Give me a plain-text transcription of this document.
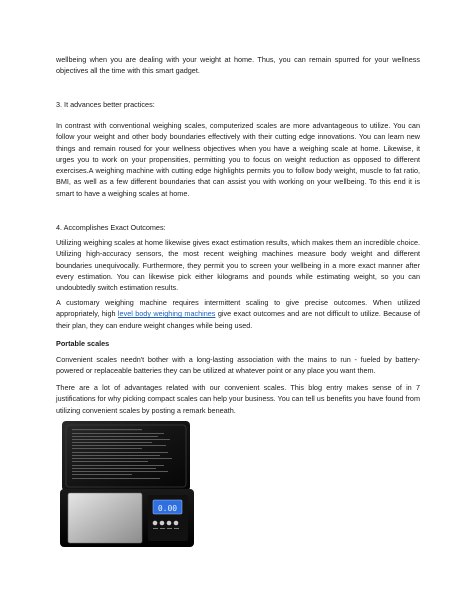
wellbeing when you are dealing with your weight at home. Thus, you can remain spurred for your wellness objectives all the time with this smart gadget.

3. It advances better practices:

In contrast with conventional weighing scales, computerized scales are more advantageous to utilize. You can follow your weight and other body boundaries effectively with their cutting edge innovations. You can learn new things and remain roused for your wellness objectives when you have a weighing scale at home. Likewise, it urges you to work on your propensities, permitting you to focus on weight reduction as opposed to different exercises.A weighing machine with cutting edge highlights permits you to follow body weight, muscle to fat ratio, BMI, as well as a few different boundaries that can assist you with working on your wellbeing. To this end it is smart to have a weighing scales at home.

4. Accomplishes Exact Outcomes:

Utilizing weighing scales at home likewise gives exact estimation results, which makes them an incredible choice. Utilizing high-accuracy sensors, the most recent weighing machines measure body weight and different boundaries unequivocally. Furthermore, they permit you to screen your wellbeing in a more exact manner after every estimation. You can likewise pick either kilograms and pounds while estimating weight, so you can undoubtedly switch estimation results.

A customary weighing machine requires intermittent scaling to give precise outcomes. When utilized appropriately, high level body weighing machines give exact outcomes and are not difficult to utilize. Because of their plan, they can endure weight changes while being used.

Portable scales

Convenient scales needn't bother with a long-lasting association with the mains to run - fueled by battery-powered or replaceable batteries they can be utilized at whatever point or any place you want them.

There are a lot of advantages related with our convenient scales. This blog entry makes sense of in 7 justifications for why picking compact scales can help your business. You can tell us benefits you have found from utilizing convenient scales by posting a remark beneath.

0.00
